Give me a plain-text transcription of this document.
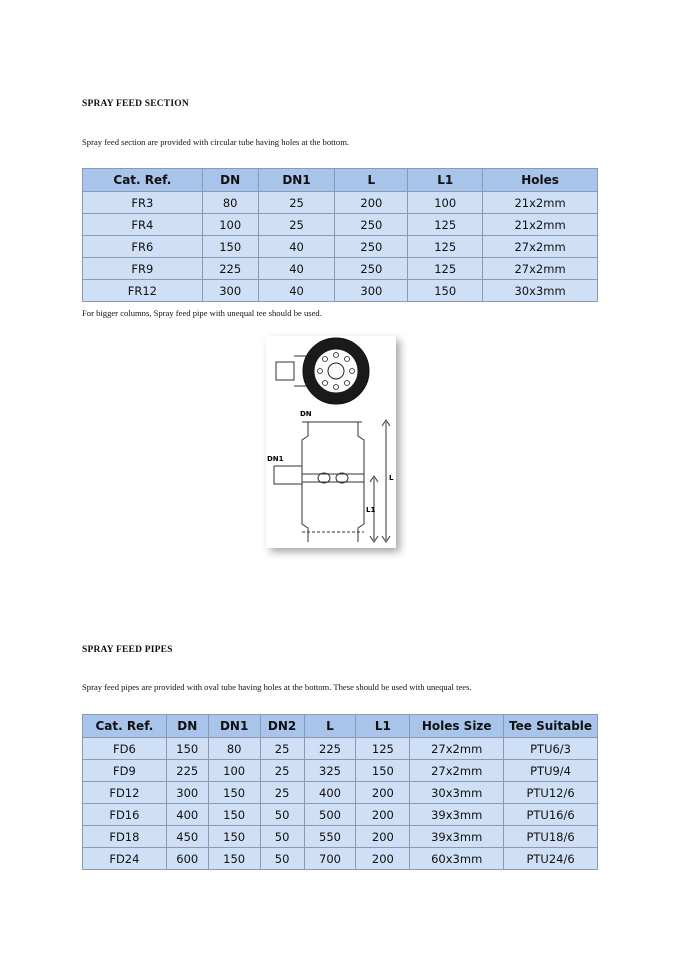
SPRAY FEED SECTION
Spray feed section are provided with circular tube having holes at the bottom.
Cat. Ref.	DN	DN1	L	L1	Holes
FR3	80	25	200	100	21x2mm
FR4	100	25	250	125	21x2mm
FR6	150	40	250	125	27x2mm
FR9	225	40	250	125	27x2mm
FR12	300	40	300	150	30x3mm
For bigger columns, Spray feed pipe with unequal tee should be used.
DN
DN1
L
L1
SPRAY FEED PIPES
Spray feed pipes are provided with oval tube having holes at the bottom. These should be used with unequal tees.
Cat. Ref.	DN	DN1	DN2	L	L1	Holes Size	Tee Suitable
FD6	150	80	25	225	125	27x2mm	PTU6/3
FD9	225	100	25	325	150	27x2mm	PTU9/4
FD12	300	150	25	400	200	30x3mm	PTU12/6
FD16	400	150	50	500	200	39x3mm	PTU16/6
FD18	450	150	50	550	200	39x3mm	PTU18/6
FD24	600	150	50	700	200	60x3mm	PTU24/6
